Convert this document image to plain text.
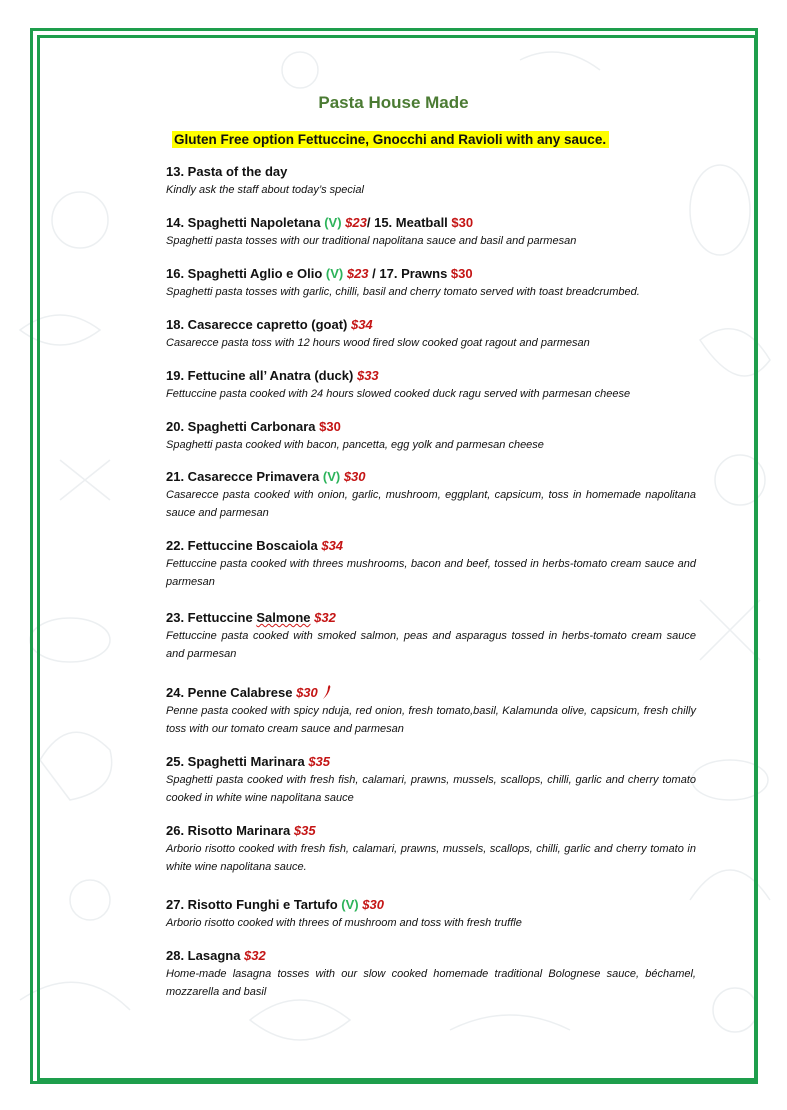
Pasta House Made
Gluten Free option Fettuccine, Gnocchi and Ravioli with any sauce.
13. Pasta of the day
Kindly ask the staff about today’s special
14. Spaghetti Napoletana (V) $23/ 15. Meatball $30
Spaghetti pasta tosses with our traditional napolitana sauce and basil and parmesan
16. Spaghetti Aglio e Olio (V) $23 / 17. Prawns $30
Spaghetti pasta tosses with garlic, chilli, basil and cherry tomato served with toast breadcrumbed.
18. Casarecce capretto (goat) $34
Casarecce pasta toss with 12 hours wood fired slow cooked goat ragout and parmesan
19. Fettucine all’ Anatra (duck) $33
Fettuccine pasta cooked with 24 hours slowed cooked duck ragu served with parmesan cheese
20. Spaghetti Carbonara $30
Spaghetti pasta cooked with bacon, pancetta, egg yolk and parmesan cheese
21. Casarecce Primavera (V) $30
Casarecce pasta cooked with onion, garlic, mushroom, eggplant, capsicum, toss in homemade napolitana sauce and parmesan
22. Fettuccine Boscaiola $34
Fettuccine pasta cooked with threes mushrooms, bacon and beef, tossed in herbs-tomato cream sauce and parmesan
23. Fettuccine Salmone $32
Fettuccine pasta cooked with smoked salmon, peas and asparagus tossed in herbs-tomato cream sauce and parmesan
24. Penne Calabrese $30
Penne pasta cooked with spicy nduja, red onion, fresh tomato,basil, Kalamunda olive, capsicum, fresh chilly toss with our tomato cream sauce and parmesan
25. Spaghetti Marinara $35
Spaghetti pasta cooked with fresh fish, calamari, prawns, mussels, scallops, chilli, garlic and cherry tomato cooked in white wine napolitana sauce
26. Risotto Marinara $35
Arborio risotto cooked with fresh fish, calamari, prawns, mussels, scallops, chilli, garlic and cherry tomato in white wine napolitana sauce.
27. Risotto Funghi e Tartufo (V) $30
Arborio risotto cooked with threes of mushroom and toss with fresh truffle
28. Lasagna $32
Home-made lasagna tosses with our slow cooked homemade traditional Bolognese sauce, béchamel, mozzarella and basil
